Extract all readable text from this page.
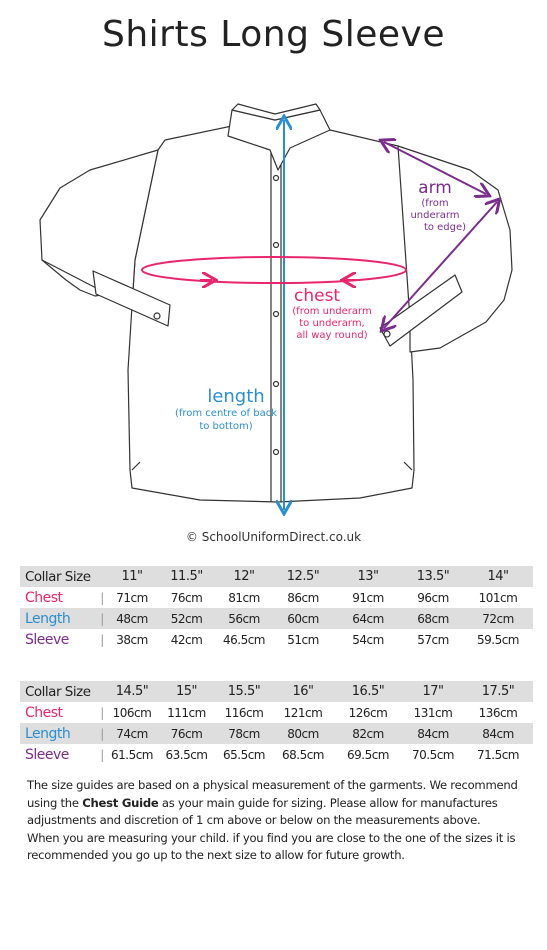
Shirts Long Sleeve
arm
(from underarm
to edge)
chest
(from underarm
to underarm,
all way round)
length
(from centre of back
to bottom)
© SchoolUniformDirect.co.uk
Collar Size		11"	11.5"	12"	12.5"	13"	13.5"	14"
Chest	|	71cm	76cm	81cm	86cm	91cm	96cm	101cm
Length	|	48cm	52cm	56cm	60cm	64cm	68cm	72cm
Sleeve	|	38cm	42cm	46.5cm	51cm	54cm	57cm	59.5cm
Collar Size		14.5"	15"	15.5"	16"	16.5"	17"	17.5"
Chest	|	106cm	111cm	116cm	121cm	126cm	131cm	136cm
Length	|	74cm	76cm	78cm	80cm	82cm	84cm	84cm
Sleeve	|	61.5cm	63.5cm	65.5cm	68.5cm	69.5cm	70.5cm	71.5cm

The size guides are based on a physical measurement of the garments. We recommend using the Chest Guide as your main guide for sizing. Please allow for manufactures adjustments and discretion of 1 cm above or below on the measurements above.

When you are measuring your child. if you find you are close to the one of the sizes it is recommended you go up to the next size to allow for future growth.
